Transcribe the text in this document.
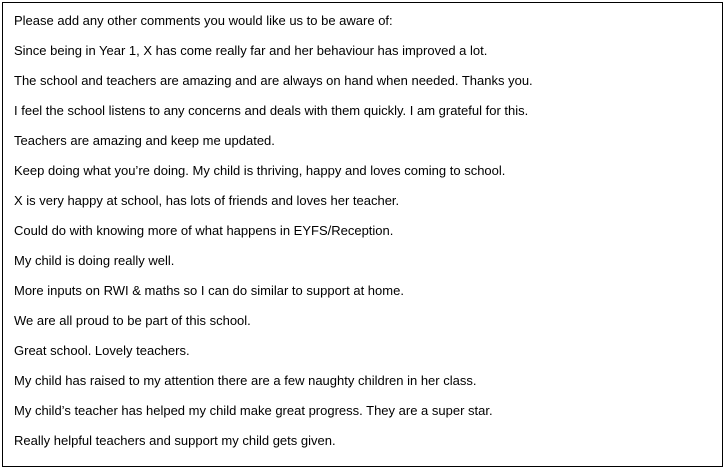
Please add any other comments you would like us to be aware of:
Since being in Year 1, X has come really far and her behaviour has improved a lot.
The school and teachers are amazing and are always on hand when needed. Thanks you.
I feel the school listens to any concerns and deals with them quickly. I am grateful for this.
Teachers are amazing and keep me updated.
Keep doing what you’re doing. My child is thriving, happy and loves coming to school.
X is very happy at school, has lots of friends and loves her teacher.
Could do with knowing more of what happens in EYFS/Reception.
My child is doing really well.
More inputs on RWI & maths so I can do similar to support at home.
We are all proud to be part of this school.
Great school. Lovely teachers.
My child has raised to my attention there are a few naughty children in her class.
My child’s teacher has helped my child make great progress. They are a super star.
Really helpful teachers and support my child gets given.
